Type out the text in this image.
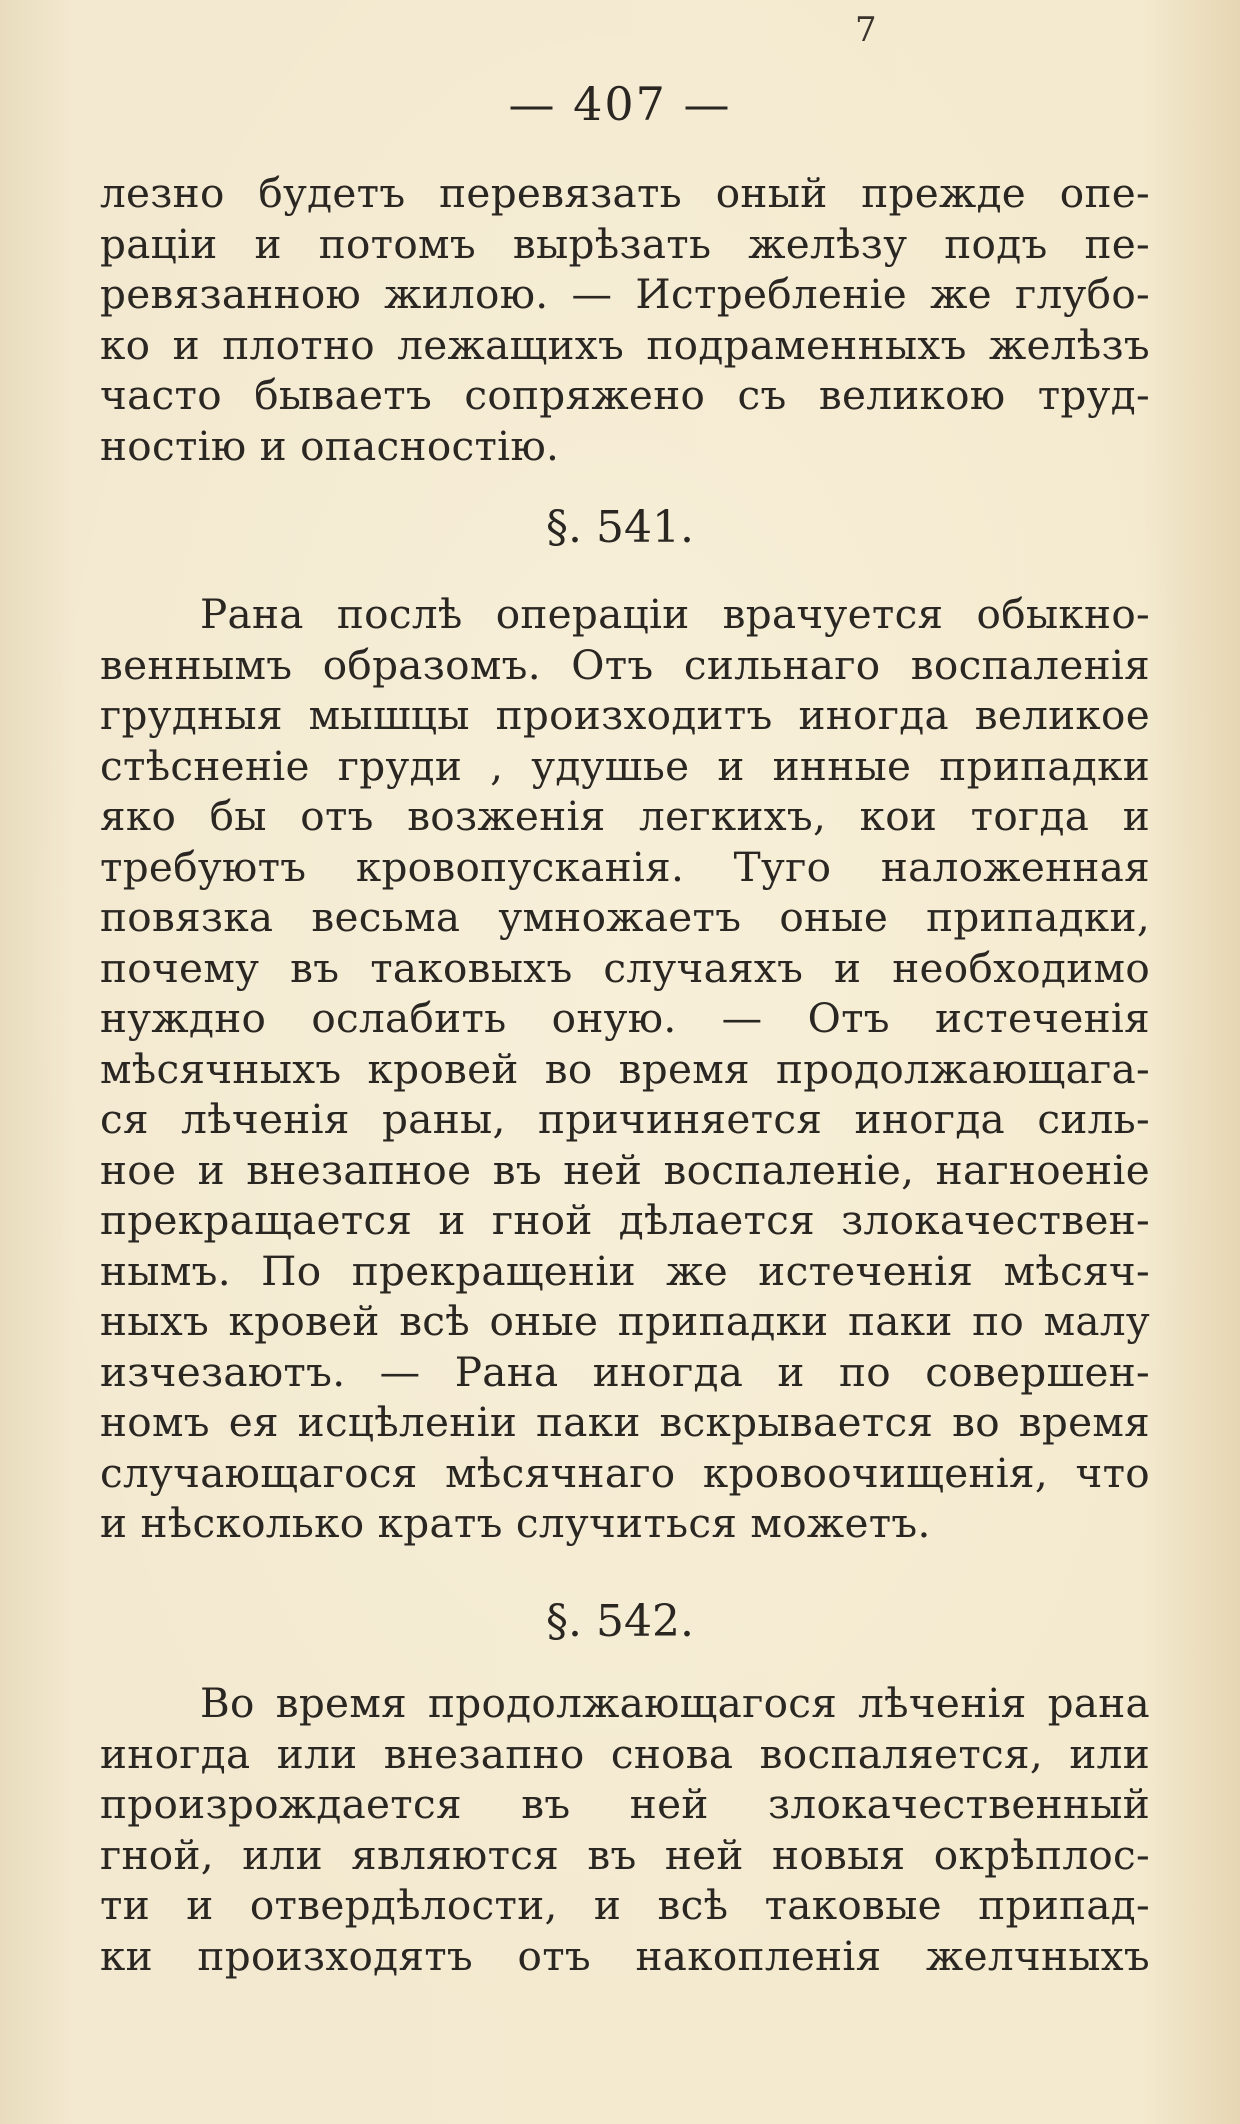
7
— 407 —
лезно будетъ перевязать оный прежде опе-
раціи и потомъ вырѣзать желѣзу подъ пе-
ревязанною жилою. — Истребленіе же глубо-
ко и плотно лежащихъ подраменныхъ желѣзъ
часто бываетъ сопряжено съ великою труд-
ностію и опасностію.
§. 541.
Рана послѣ операціи врачуется обыкно-
веннымъ образомъ. Отъ сильнаго воспаленія
грудныя мышцы произходитъ иногда великое
стѣсненіе груди , удушье и инные припадки
яко бы отъ возженія легкихъ, кои тогда и
требуютъ кровопусканія. Туго наложенная
повязка весьма умножаетъ оные припадки,
почему въ таковыхъ случаяхъ и необходимо
нуждно ослабить оную. — Отъ истеченія
мѣсячныхъ кровей во время продолжающага-
ся лѣченія раны, причиняется иногда силь-
ное и внезапное въ ней воспаленіе, нагноеніе
прекращается и гной дѣлается злокачествен-
нымъ. По прекращеніи же истеченія мѣсяч-
ныхъ кровей всѣ оные припадки паки по малу
изчезаютъ. — Рана иногда и по совершен-
номъ ея исцѣленіи паки вскрывается во время
случающагося мѣсячнаго кровоочищенія, что
и нѣсколько кратъ случиться можетъ.
§. 542.
Во время продолжающагося лѣченія рана
иногда или внезапно снова воспаляется, или
произрождается въ ней злокачественный
гной, или являются въ ней новыя окрѣплос-
ти и отвердѣлости, и всѣ таковые припад-
ки произходятъ отъ накопленія желчныхъ
